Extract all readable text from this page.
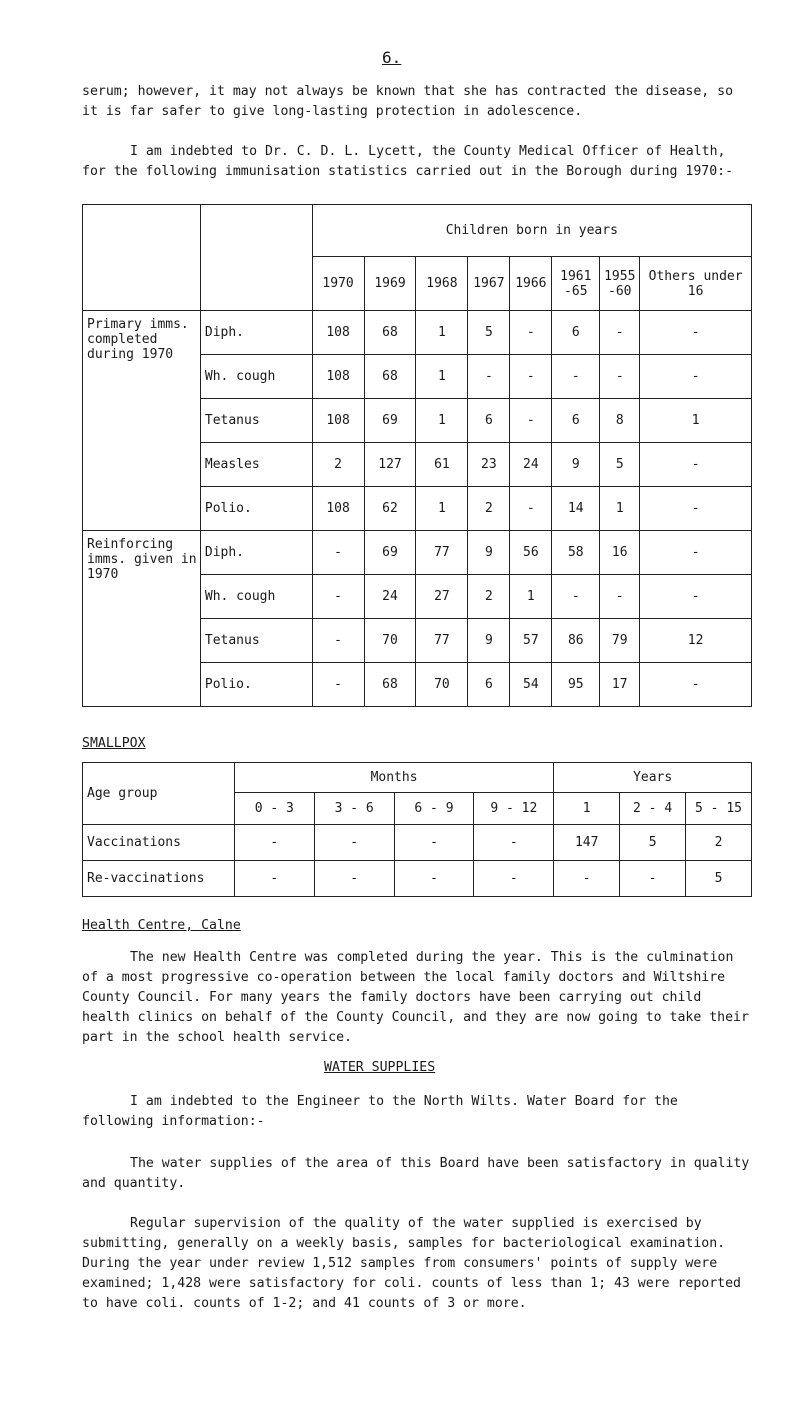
6.

serum; however, it may not always be known that she has contracted the disease, so it is far safer to give long-lasting protection in adolescence.

I am indebted to Dr. C. D. L. Lycett, the County Medical Officer of Health, for the following immunisation statistics carried out in the Borough during 1970:-

		Children born in years							
		1970	1969	1968	1967	1966	1961 -65	1955 -60	Others under 16
Primary imms. completed during 1970	Diph.	108	68	1	5	-	6	-	-
	Wh. cough	108	68	1	-	-	-	-	-
	Tetanus	108	69	1	6	-	6	8	1
	Measles	2	127	61	23	24	9	5	-
	Polio.	108	62	1	2	-	14	1	-
Reinforcing imms. given in 1970	Diph.	-	69	77	9	56	58	16	-
	Wh. cough	-	24	27	2	1	-	-	-
	Tetanus	-	70	77	9	57	86	79	12
	Polio.	-	68	70	6	54	95	17	-
SMALLPOX
Age group	Months				Years		
	0 - 3	3 - 6	6 - 9	9 - 12	1	2 - 4	5 - 15
Vaccinations	-	-	-	-	147	5	2
Re-vaccinations	-	-	-	-	-	-	5
Health Centre, Calne

The new Health Centre was completed during the year. This is the culmination of a most progressive co-operation between the local family doctors and Wiltshire County Council. For many years the family doctors have been carrying out child health clinics on behalf of the County Council, and they are now going to take their part in the school health service.

WATER SUPPLIES

I am indebted to the Engineer to the North Wilts. Water Board for the following information:-

The water supplies of the area of this Board have been satisfactory in quality and quantity.

Regular supervision of the quality of the water supplied is exercised by submitting, generally on a weekly basis, samples for bacteriological examination. During the year under review 1,512 samples from consumers' points of supply were examined; 1,428 were satisfactory for coli. counts of less than 1; 43 were reported to have coli. counts of 1-2; and 41 counts of 3 or more.
